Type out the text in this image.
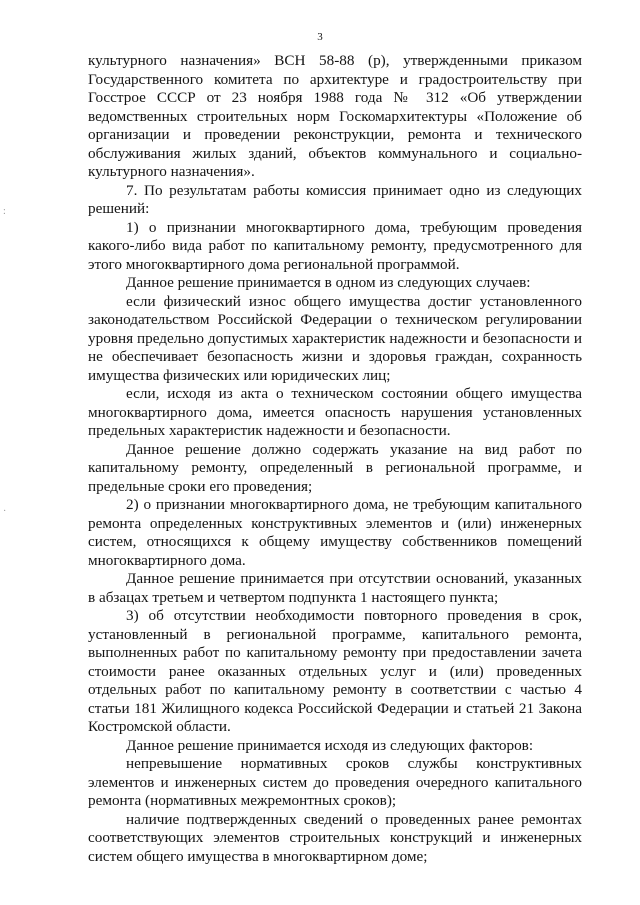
3
:
·

культурного назначения» ВСН 58-88 (р), утвержденными приказом Государственного комитета по архитектуре и градостроительству при Госстрое СССР от 23 ноября 1988 года № 312 «Об утверждении ведомственных строительных норм Госкомархитектуры «Положение об организации и проведении реконструкции, ремонта и технического обслуживания жилых зданий, объектов коммунального и социально-культурного назначения».

7. По результатам работы комиссия принимает одно из следующих решений:

1) о признании многоквартирного дома, требующим проведения какого-либо вида работ по капитальному ремонту, предусмотренного для этого многоквартирного дома региональной программой.

Данное решение принимается в одном из следующих случаев:

если физический износ общего имущества достиг установленного законодательством Российской Федерации о техническом регулировании уровня предельно допустимых характеристик надежности и безопасности и не обеспечивает безопасность жизни и здоровья граждан, сохранность имущества физических или юридических лиц;

если, исходя из акта о техническом состоянии общего имущества многоквартирного дома, имеется опасность нарушения установленных предельных характеристик надежности и безопасности.

Данное решение должно содержать указание на вид работ по капитальному ремонту, определенный в региональной программе, и предельные сроки его проведения;

2) о признании многоквартирного дома, не требующим капитального ремонта определенных конструктивных элементов и (или) инженерных систем, относящихся к общему имуществу собственников помещений многоквартирного дома.

Данное решение принимается при отсутствии оснований, указанных в абзацах третьем и четвертом подпункта 1 настоящего пункта;

3) об отсутствии необходимости повторного проведения в срок, установленный в региональной программе, капитального ремонта, выполненных работ по капитальному ремонту при предоставлении зачета стоимости ранее оказанных отдельных услуг и (или) проведенных отдельных работ по капитальному ремонту в соответствии с частью 4 статьи 181 Жилищного кодекса Российской Федерации и статьей 21 Закона Костромской области.

Данное решение принимается исходя из следующих факторов:

непревышение нормативных сроков службы конструктивных элементов и инженерных систем до проведения очередного капитального ремонта (нормативных межремонтных сроков);

наличие подтвержденных сведений о проведенных ранее ремонтах соответствующих элементов строительных конструкций и инженерных систем общего имущества в многоквартирном доме;
